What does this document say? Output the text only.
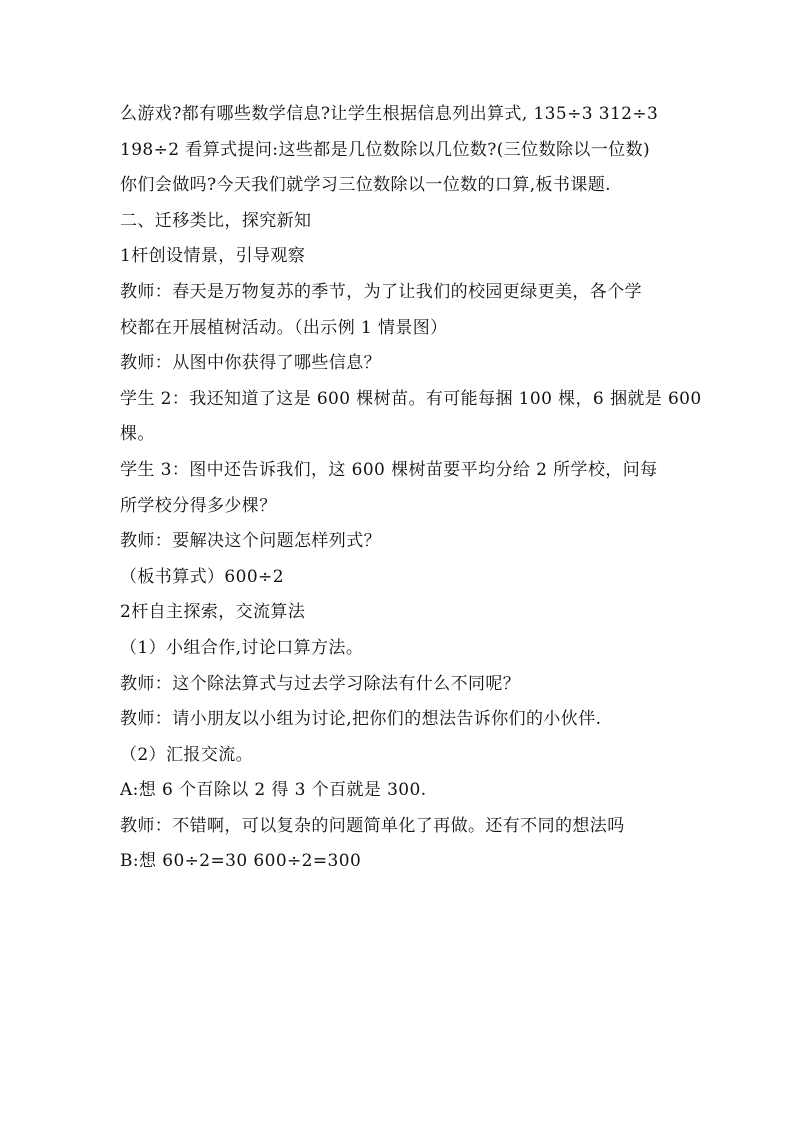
么游戏?都有哪些数学信息?让学生根据信息列出算式, 135÷3 312÷3
198÷2 看算式提问:这些都是几位数除以几位数?(三位数除以一位数)
你们会做吗?今天我们就学习三位数除以一位数的口算,板书课题.
二、迁移类比，探究新知
1杆创设情景，引导观察
教师：春天是万物复苏的季节，为了让我们的校园更绿更美，各个学
校都在开展植树活动。（出示例 1 情景图）
教师：从图中你获得了哪些信息？
学生 2：我还知道了这是 600 棵树苗。有可能每捆 100 棵，6 捆就是 600
棵。
学生 3：图中还告诉我们，这 600 棵树苗要平均分给 2 所学校，问每
所学校分得多少棵？
教师：要解决这个问题怎样列式？
（板书算式）600÷2
2杆自主探索，交流算法
（1）小组合作,讨论口算方法。
教师：这个除法算式与过去学习除法有什么不同呢？
教师：请小朋友以小组为讨论,把你们的想法告诉你们的小伙伴.
（2）汇报交流。
A:想 6 个百除以 2 得 3 个百就是 300.
教师：不错啊，可以复杂的问题简单化了再做。还有不同的想法吗
B:想 60÷2=30 600÷2=300
